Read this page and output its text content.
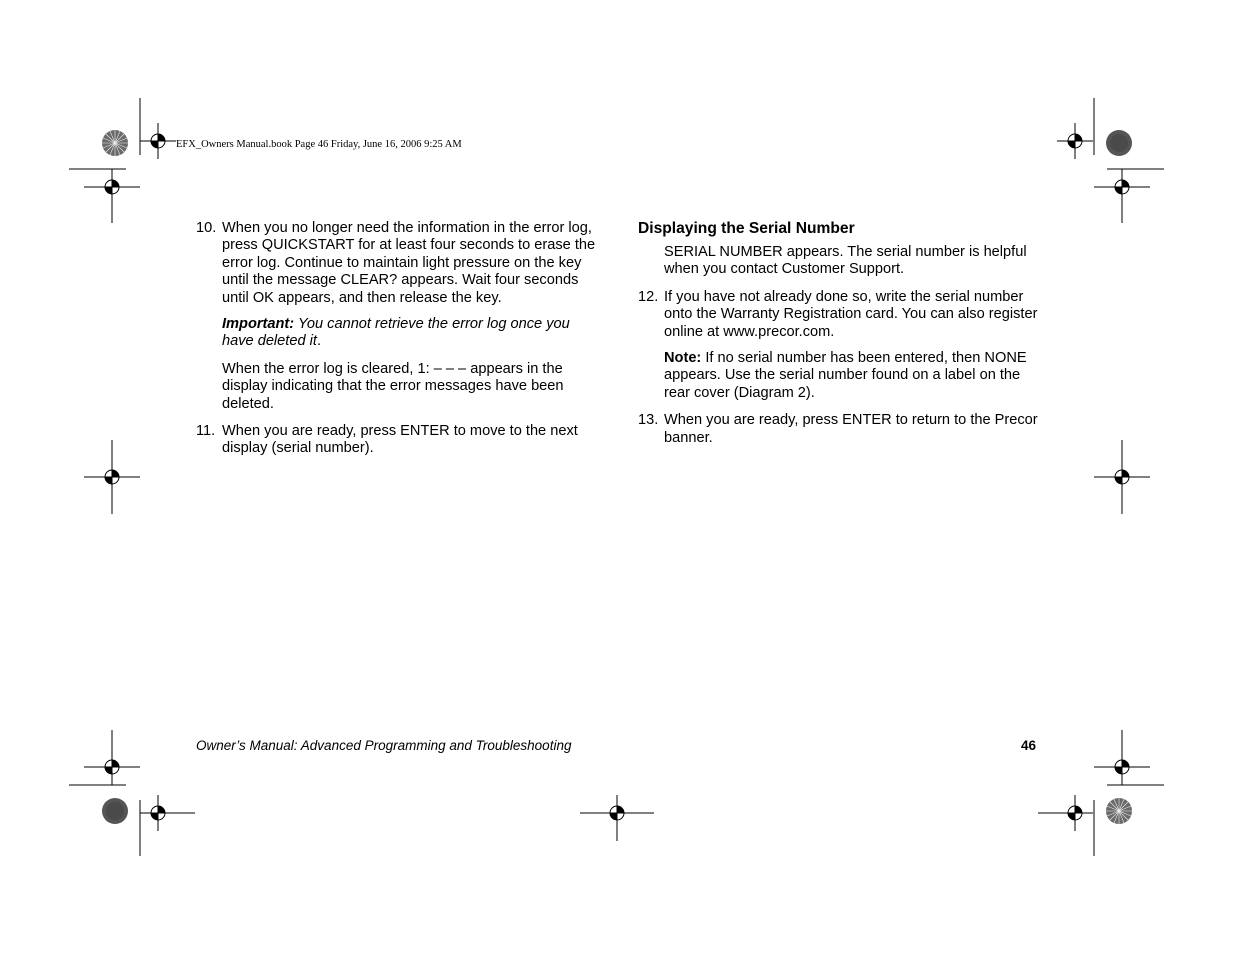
EFX_Owners Manual.book Page 46 Friday, June 16, 2006 9:25 AM
10. When you no longer need the information in the error log, press QUICKSTART for at least four seconds to erase the error log. Continue to maintain light pressure on the key until the message CLEAR? appears. Wait four seconds until OK appears, and then release the key.

Important: You cannot retrieve the error log once you have deleted it.

When the error log is cleared, 1: – – – appears in the display indicating that the error messages have been deleted.

11. When you are ready, press ENTER to move to the next display (serial number).
Displaying the Serial Number

SERIAL NUMBER appears. The serial number is helpful when you contact Customer Support.

12. If you have not already done so, write the serial number onto the Warranty Registration card. You can also register online at www.precor.com.

Note: If no serial number has been entered, then NONE appears. Use the serial number found on a label on the rear cover (Diagram 2).

13. When you are ready, press ENTER to return to the Precor banner.
Owner’s Manual: Advanced Programming and Troubleshooting	46
